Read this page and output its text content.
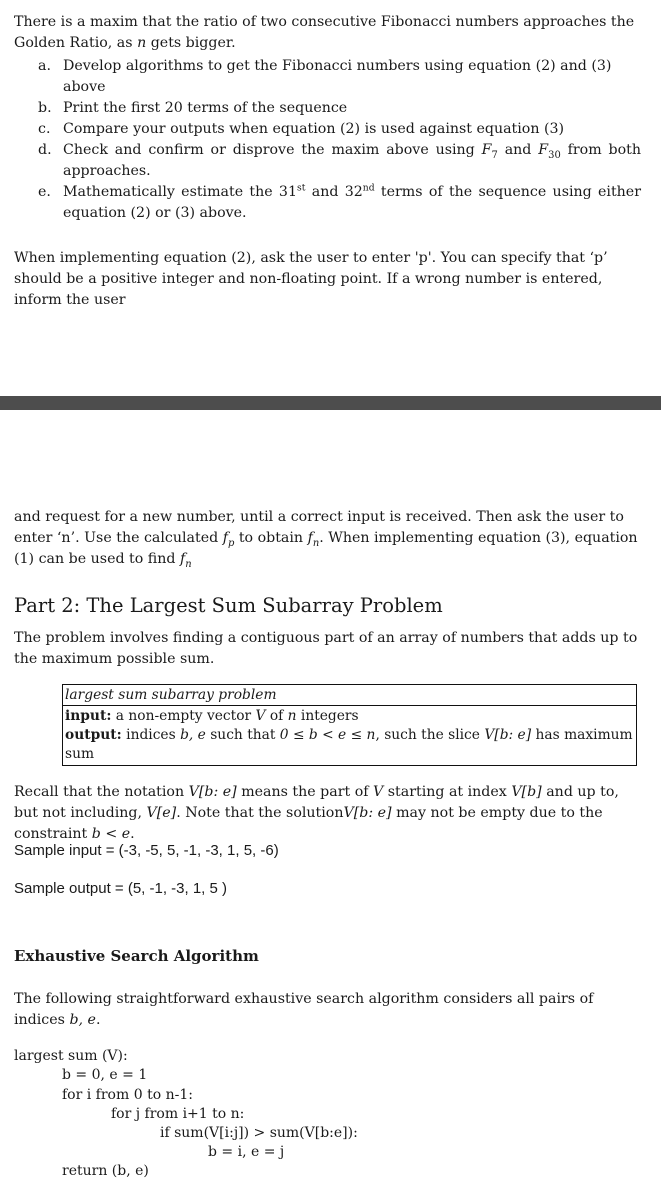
There is a maxim that the ratio of two consecutive Fibonacci numbers approaches the Golden Ratio, as n gets bigger.

a. Develop algorithms to get the Fibonacci numbers using equation (2) and (3) above
b. Print the first 20 terms of the sequence
c. Compare your outputs when equation (2) is used against equation (3)
d. Check and confirm or disprove the maxim above using $F_7$ and $F_{30}$ from both approaches.
e. Mathematically estimate the 31st and 32nd terms of the sequence using either equation (2) or (3) above.

When implementing equation (2), ask the user to enter 'p'. You can specify that ‘p’ should be a positive integer and non-floating point. If a wrong number is entered, inform the user

and request for a new number, until a correct input is received. Then ask the user to enter ‘n’. Use the calculated $f_p$ to obtain $f_n$. When implementing equation (3), equation (1) can be used to find $f_n$

Part 2: The Largest Sum Subarray Problem

The problem involves finding a contiguous part of an array of numbers that adds up to the maximum possible sum.

largest sum subarray problem
input: a non-empty vector V of n integers
output: indices b, e such that 0 ≤ b < e ≤ n, such the slice V[b: e] has maximum sum

Recall that the notation V[b: e] means the part of V starting at index V[b] and up to, but not including, V[e]. Note that the solutionV[b: e] may not be empty due to the constraint b < e.

Sample input = (-3, -5, 5, -1, -3, 1, 5, -6)

Sample output = (5, -1, -3, 1, 5 )

Exhaustive Search Algorithm

The following straightforward exhaustive search algorithm considers all pairs of indices b, e.

largest sum (V):
b = 0, e = 1
for i from 0 to n-1:
for j from i+1 to n:
if sum(V[i:j]) > sum(V[b:e]):
b = i, e = j
return (b, e)
